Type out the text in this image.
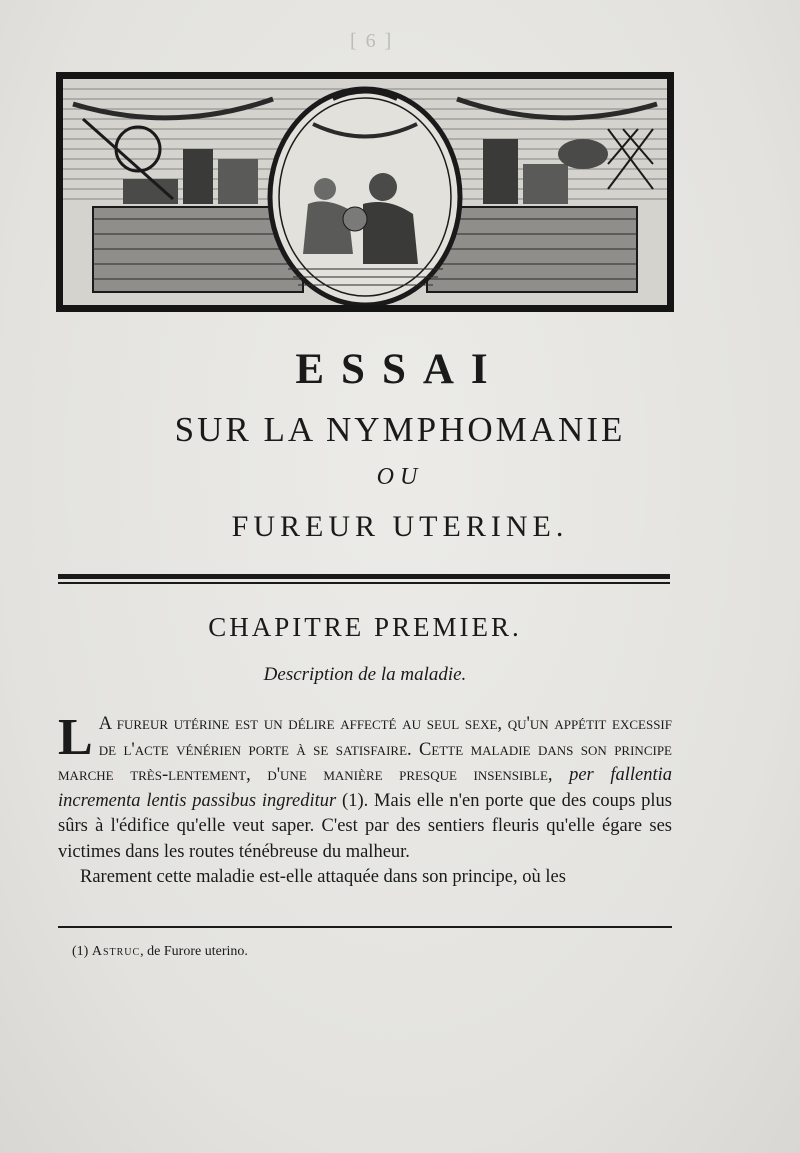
[ 6 ]
ESSAI
SUR LA NYMPHOMANIE
OU
FUREUR UTERINE.
CHAPITRE PREMIER.
Description de la maladie.

L A fureur utérine est un délire affecté au seul sexe, qu'un appétit excessif de l'acte vénérien porte à se satisfaire. Cette maladie dans son principe marche très-lentement, d'une manière presque insensible, per fallentia incrementa lentis passibus ingreditur (1). Mais elle n'en porte que des coups plus sûrs à l'édifice qu'elle veut saper. C'est par des sentiers fleuris qu'elle égare ses victimes dans les routes ténébreuse du malheur.

Rarement cette maladie est-elle attaquée dans son principe, où les

(1) Astruc, de Furore uterino.
